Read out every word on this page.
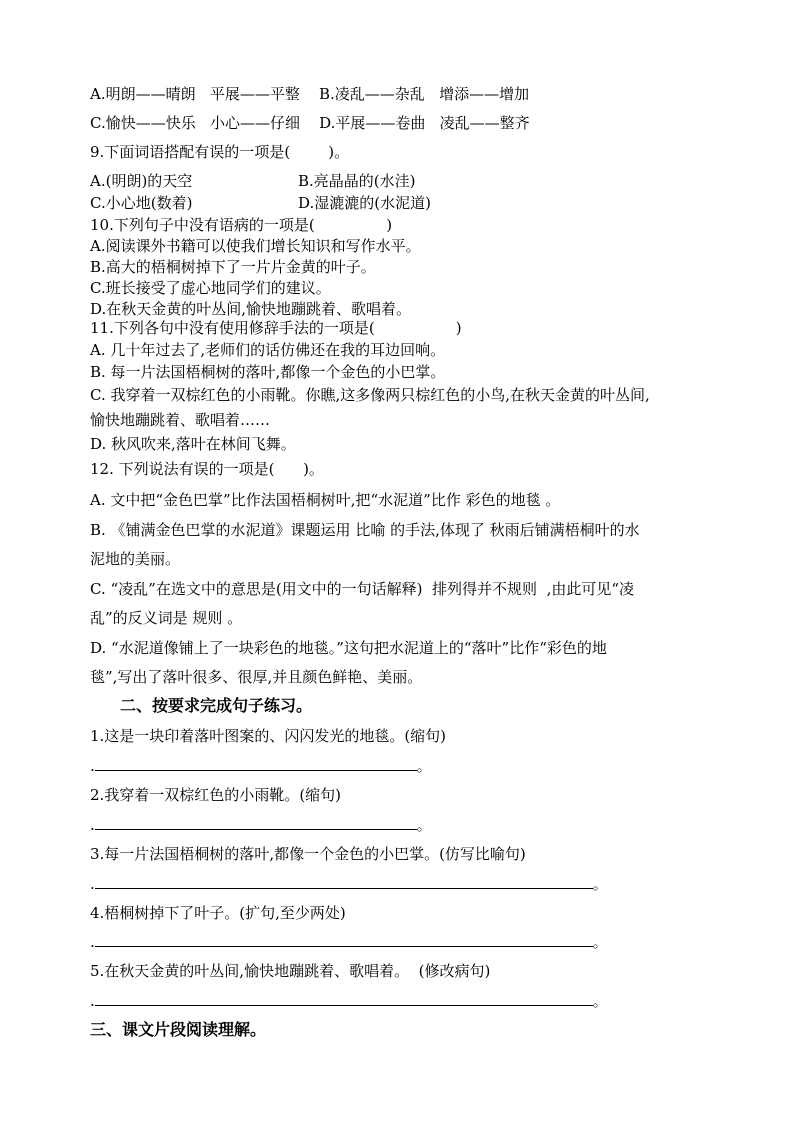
A.明朗——晴朗   平展——平整    B.凌乱——杂乱   增添——增加
C.愉快——快乐   小心——仔细    D.平展——卷曲   凌乱——整齐
9.下面词语搭配有误的一项是(        )。
A.(明朗)的天空	B.亮晶晶的(水洼)
C.小心地(数着)	D.湿漉漉的(水泥道)
10.下列句子中没有语病的一项是(               )
A.阅读课外书籍可以使我们增长知识和写作水平。
B.高大的梧桐树掉下了一片片金黄的叶子。
C.班长接受了虚心地同学们的建议。
D.在秋天金黄的叶丛间,愉快地蹦跳着、歌唱着。
11.下列各句中没有使用修辞手法的一项是(                 )
A. 几十年过去了,老师们的话仿佛还在我的耳边回响。
B. 每一片法国梧桐树的落叶,都像一个金色的小巴掌。
C. 我穿着一双棕红色的小雨靴。你瞧,这多像两只棕红色的小鸟,在秋天金黄的叶丛间,
愉快地蹦跳着、歌唱着……
D. 秋风吹来,落叶在林间飞舞。
12. 下列说法有误的一项是(      )。
A. 文中把“金色巴掌”比作法国梧桐树叶,把“水泥道”比作 彩色的地毯 。
B. 《铺满金色巴掌的水泥道》课题运用 比喻 的手法,体现了 秋雨后铺满梧桐叶的水
泥地的美丽。
C. “凌乱”在选文中的意思是(用文中的一句话解释)  排列得并不规则  ,由此可见“凌
乱”的反义词是 规则 。
D. “水泥道像铺上了一块彩色的地毯。”这句把水泥道上的“落叶”比作“彩色的地
毯”,写出了落叶很多、很厚,并且颜色鲜艳、美丽。
二、按要求完成句子练习。
1.这是一块印着落叶图案的、闪闪发光的地毯。(缩句)
.	。
2.我穿着一双棕红色的小雨靴。(缩句)
.	。
3.每一片法国梧桐树的落叶,都像一个金色的小巴掌。(仿写比喻句)
.	。
4.梧桐树掉下了叶子。(扩句,至少两处)
.	。
5.在秋天金黄的叶丛间,愉快地蹦跳着、歌唱着。  (修改病句)
.	。
三、课文片段阅读理解。
